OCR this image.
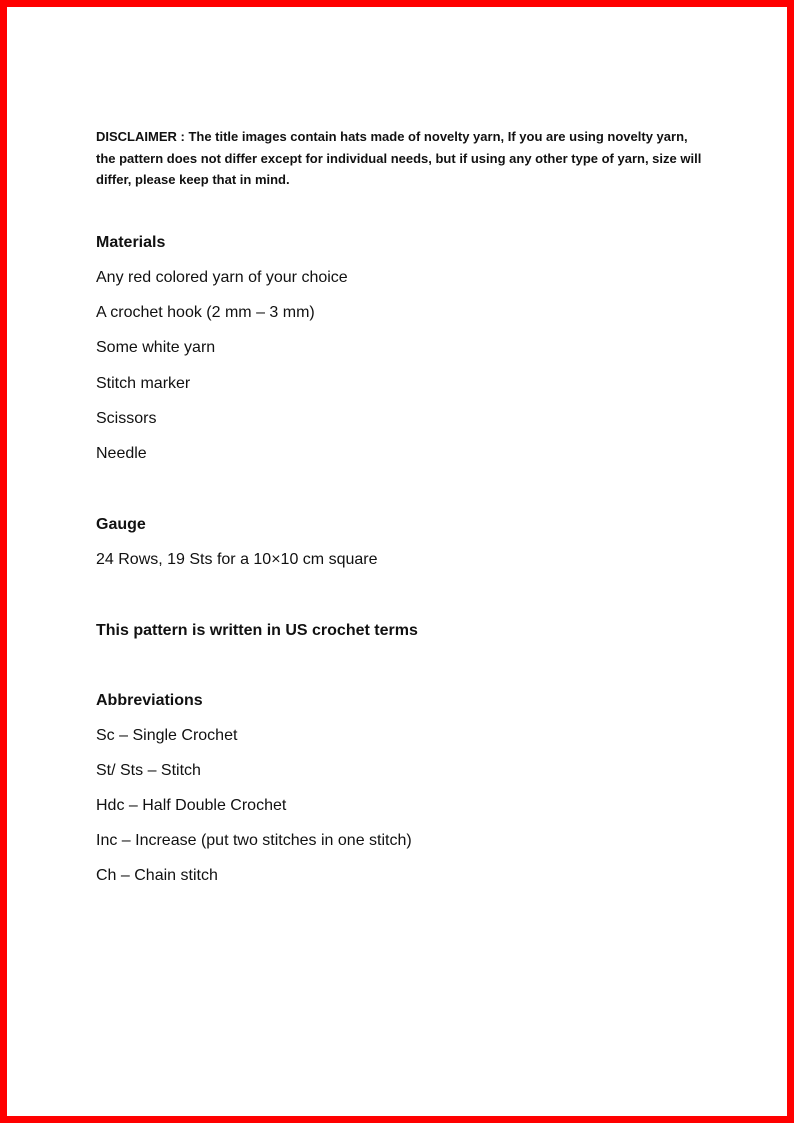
DISCLAIMER : The title images contain hats made of novelty yarn, If you are using novelty yarn, the pattern does not differ except for individual needs, but if using any other type of yarn, size will differ, please keep that in mind.

Materials

Any red colored yarn of your choice

A crochet hook (2 mm – 3 mm)

Some white yarn

Stitch marker

Scissors

Needle

Gauge

24 Rows, 19 Sts for a 10×10 cm square

This pattern is written in US crochet terms

Abbreviations

Sc – Single Crochet

St/ Sts – Stitch

Hdc – Half Double Crochet

Inc – Increase (put two stitches in one stitch)

Ch – Chain stitch
